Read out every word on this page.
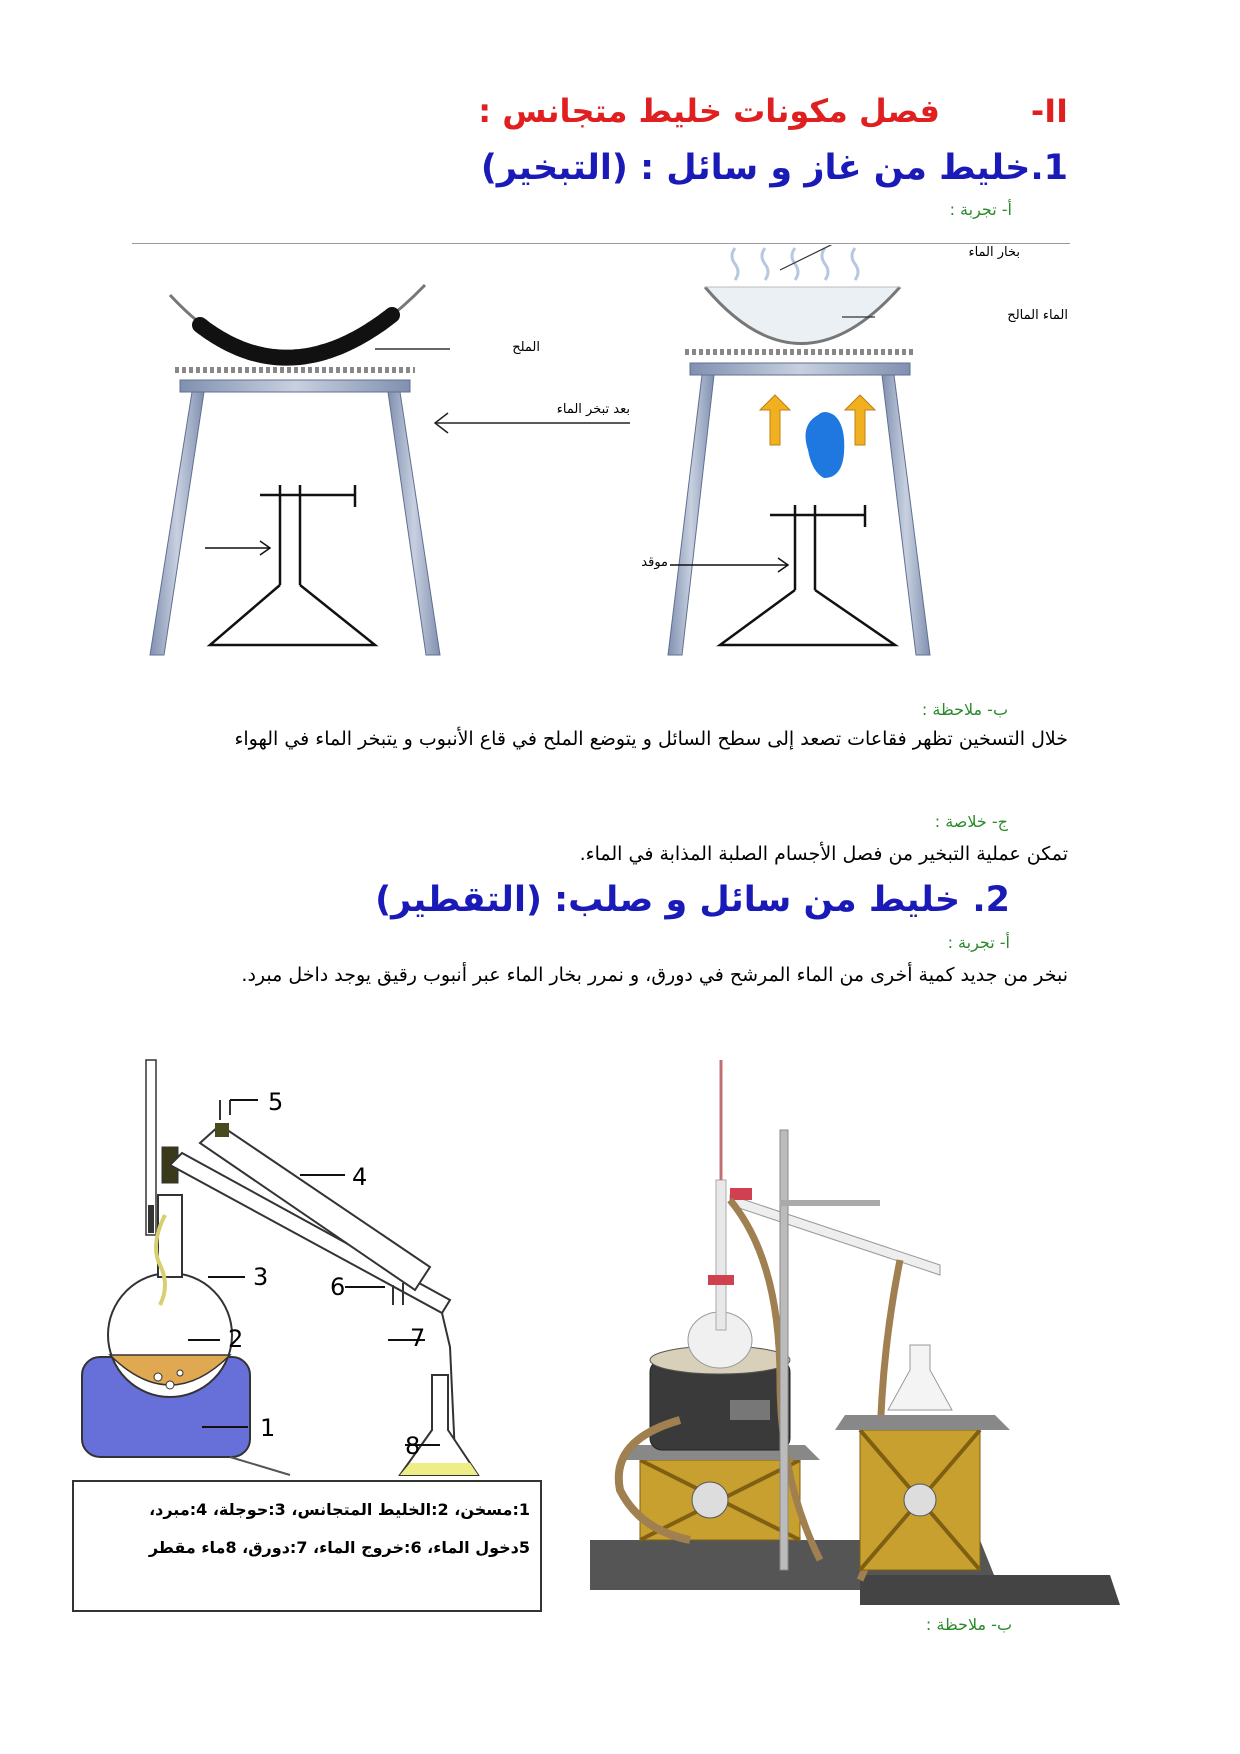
II-
فصل مكونات خليط متجانس :
1.خليط من غاز و سائل : (التبخير)
أ- تجربة :
بخار الماء
الماء المالح
الملح
بعد تبخر الماء
موقد
ب- ملاحظة :
خلال التسخين تظهر فقاعات تصعد إلى سطح السائل و يتوضع الملح في قاع الأنبوب و يتبخر الماء في الهواء
ج- خلاصة :
تمكن عملية التبخير من فصل الأجسام الصلبة المذابة في الماء.
2. خليط من سائل و صلب: (التقطير)
أ- تجربة :
نبخر من جديد كمية أخرى من الماء المرشح في دورق، و نمرر بخار الماء عبر أنبوب رقيق يوجد داخل مبرد.
5
4
3	6
2	7
1
8
1:مسخن، 2:الخليط المتجانس، 3:حوجلة، 4:مبرد،
5دخول الماء، 6:خروج الماء، 7:دورق، 8ماء مقطر
ب- ملاحظة :
